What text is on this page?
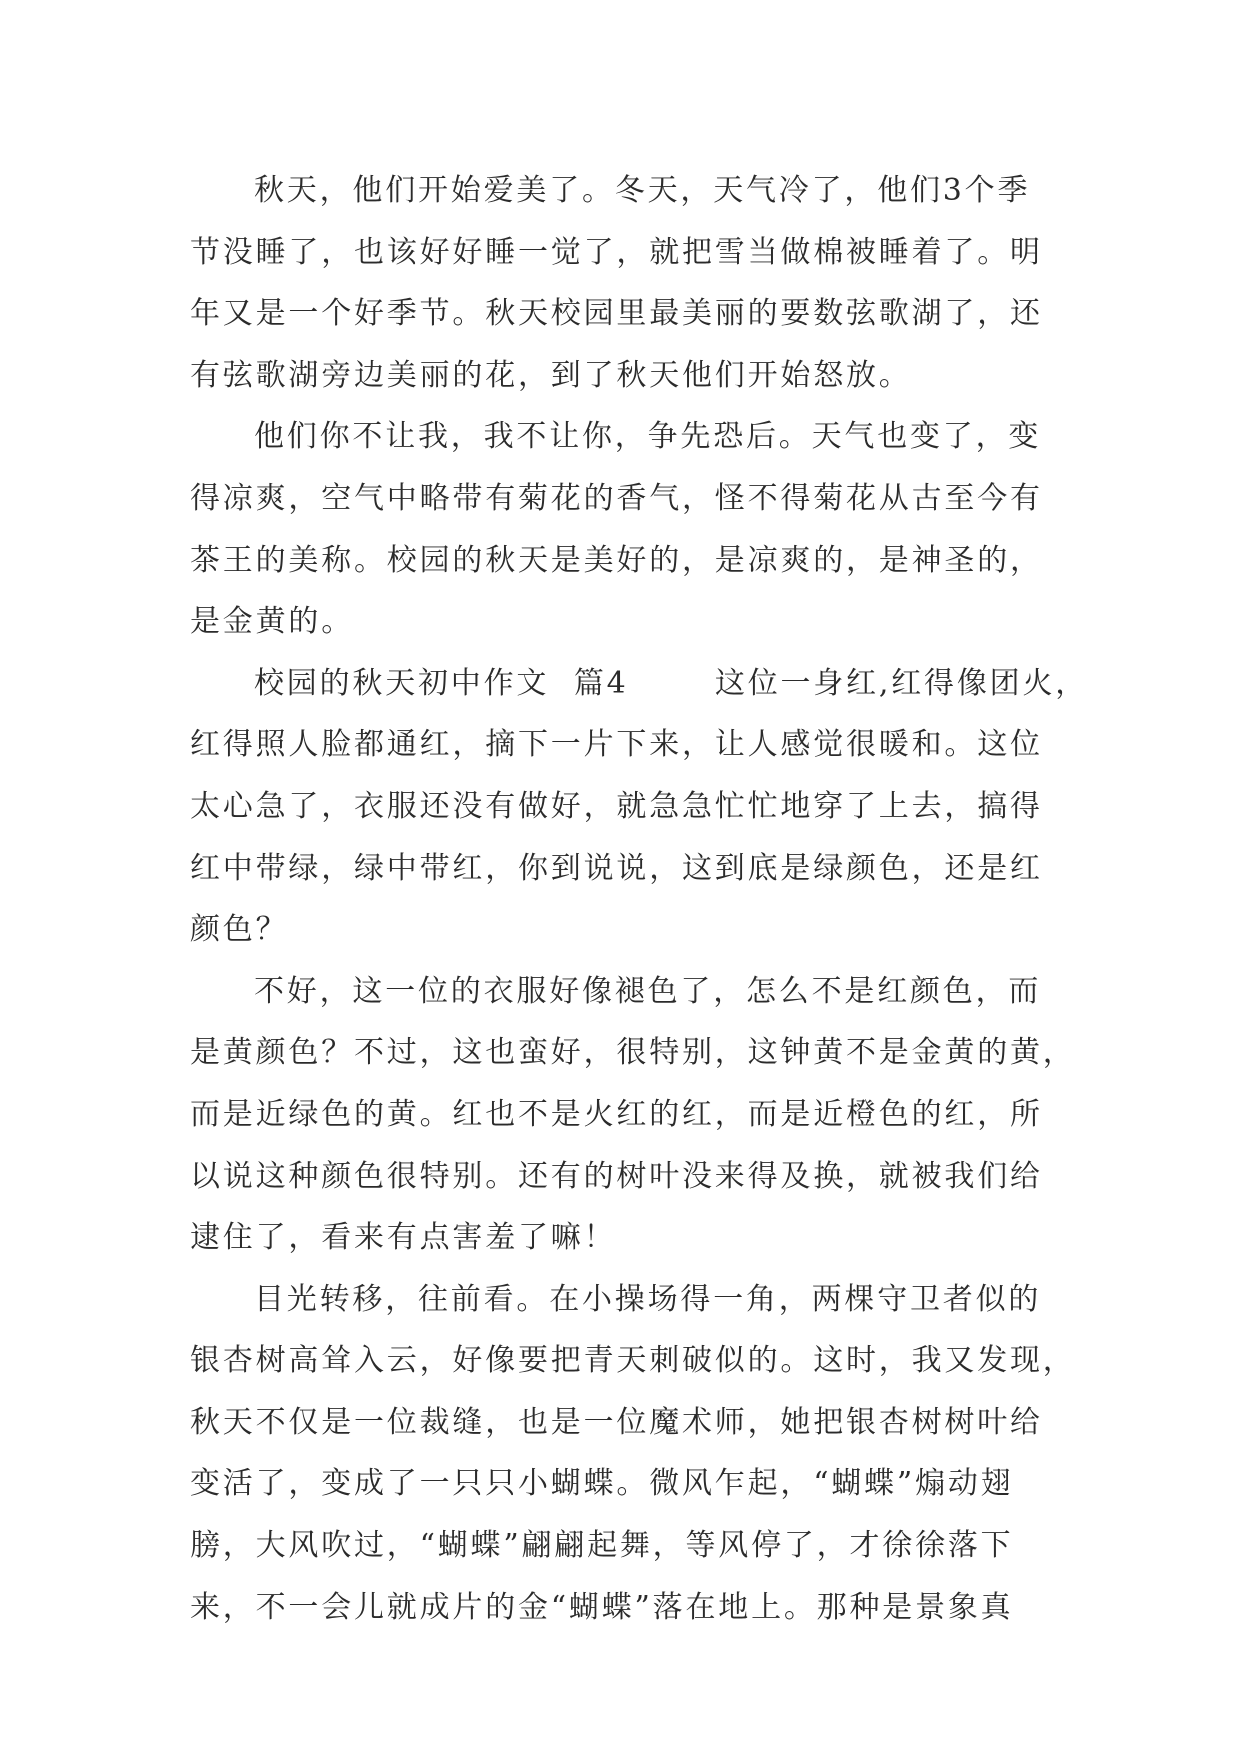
秋天，他们开始爱美了。冬天，天气冷了，他们3个季
节没睡了，也该好好睡一觉了，就把雪当做棉被睡着了。明
年又是一个好季节。秋天校园里最美丽的要数弦歌湖了，还
有弦歌湖旁边美丽的花，到了秋天他们开始怒放。
他们你不让我，我不让你，争先恐后。天气也变了，变
得凉爽，空气中略带有菊花的香气，怪不得菊花从古至今有
茶王的美称。校园的秋天是美好的，是凉爽的，是神圣的，
是金黄的。
校园的秋天初中作文  篇4       这位一身红,红得像团火，
红得照人脸都通红，摘下一片下来，让人感觉很暖和。这位
太心急了，衣服还没有做好，就急急忙忙地穿了上去，搞得
红中带绿，绿中带红，你到说说，这到底是绿颜色，还是红
颜色？
不好，这一位的衣服好像褪色了，怎么不是红颜色，而
是黄颜色？不过，这也蛮好，很特别，这钟黄不是金黄的黄，
而是近绿色的黄。红也不是火红的红，而是近橙色的红，所
以说这种颜色很特别。还有的树叶没来得及换，就被我们给
逮住了，看来有点害羞了嘛！
目光转移，往前看。在小操场得一角，两棵守卫者似的
银杏树高耸入云，好像要把青天刺破似的。这时，我又发现，
秋天不仅是一位裁缝，也是一位魔术师，她把银杏树树叶给
变活了，变成了一只只小蝴蝶。微风乍起，“蝴蝶”煽动翅
膀，大风吹过，“蝴蝶”翩翩起舞，等风停了，才徐徐落下
来，不一会儿就成片的金“蝴蝶”落在地上。那种是景象真
